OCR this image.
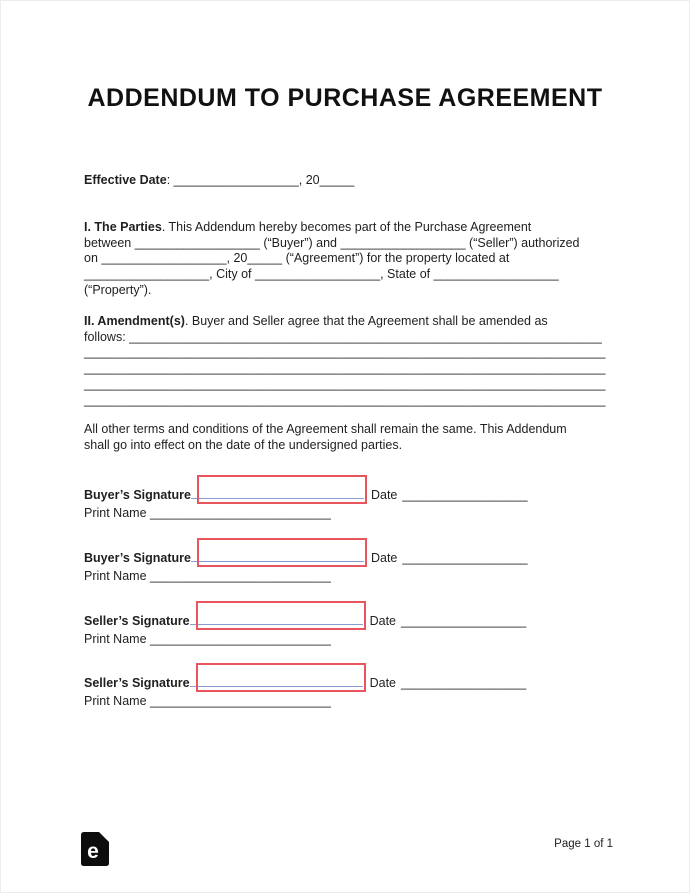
ADDENDUM TO PURCHASE AGREEMENT
Effective Date: __________________, 20_____
I. The Parties. This Addendum hereby becomes part of the Purchase Agreement
between __________________ (“Buyer”) and __________________ (“Seller”) authorized
on __________________, 20_____ (“Agreement”) for the property located at
__________________, City of __________________, State of __________________
(“Property”).
II. Amendment(s). Buyer and Seller agree that the Agreement shall be amended as
follows: ____________________________________________________________________
___________________________________________________________________________
___________________________________________________________________________
___________________________________________________________________________
___________________________________________________________________________
All other terms and conditions of the Agreement shall remain the same. This Addendum
shall go into effect on the date of the undersigned parties.
Buyer’s Signature	Date __________________
Print Name __________________________
Buyer’s Signature	Date __________________
Print Name __________________________
Seller’s Signature	Date __________________
Print Name __________________________
Seller’s Signature	Date __________________
Print Name __________________________
e	Page 1 of 1
